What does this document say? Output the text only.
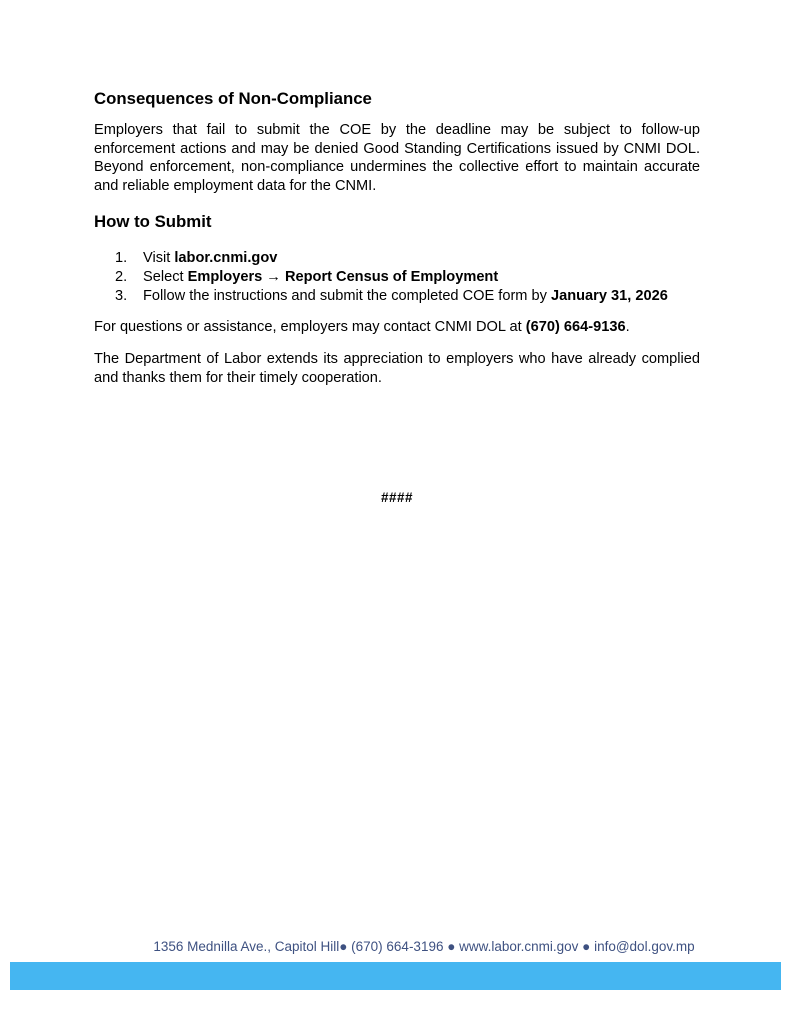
Consequences of Non-Compliance

Employers that fail to submit the COE by the deadline may be subject to follow-up enforcement actions and may be denied Good Standing Certifications issued by CNMI DOL. Beyond enforcement, non-compliance undermines the collective effort to maintain accurate and reliable employment data for the CNMI.

How to Submit
1.	Visit labor.cnmi.gov
2.	Select Employers → Report Census of Employment
3.	Follow the instructions and submit the completed COE form by January 31, 2026

For questions or assistance, employers may contact CNMI DOL at (670) 664-9136.

The Department of Labor extends its appreciation to employers who have already complied and thanks them for their timely cooperation.

####
1356 Mednilla Ave., Capitol Hill● (670) 664-3196 ● www.labor.cnmi.gov ● info@dol.gov.mp
